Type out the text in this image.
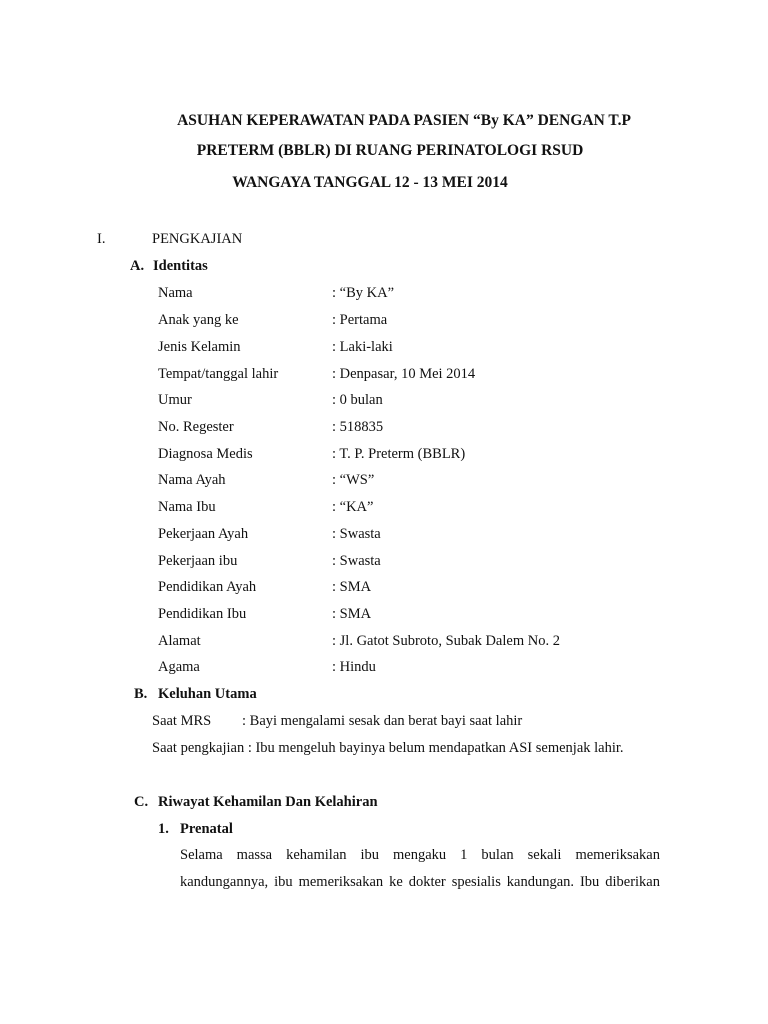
ASUHAN KEPERAWATAN PADA PASIEN “By KA” DENGAN T.P
PRETERM (BBLR) DI RUANG PERINATOLOGI RSUD
WANGAYA TANGGAL 12 - 13 MEI 2014
I.	PENGKAJIAN
A. Identitas
Nama	: “By KA”
Anak yang ke	: Pertama
Jenis Kelamin	: Laki-laki
Tempat/tanggal lahir	: Denpasar, 10 Mei 2014
Umur	: 0 bulan
No. Regester	: 518835
Diagnosa Medis	: T. P. Preterm (BBLR)
Nama Ayah	: “WS”
Nama Ibu	: “KA”
Pekerjaan Ayah	: Swasta
Pekerjaan ibu	: Swasta
Pendidikan Ayah	: SMA
Pendidikan Ibu	: SMA
Alamat	: Jl. Gatot Subroto, Subak Dalem No. 2
Agama	: Hindu
B. Keluhan Utama
Saat MRS : Bayi mengalami sesak dan berat bayi saat lahir
Saat pengkajian : Ibu mengeluh bayinya belum mendapatkan ASI semenjak lahir.
C. Riwayat Kehamilan Dan Kelahiran
1. Prenatal
Selama massa kehamilan ibu mengaku 1 bulan sekali memeriksakan
kandungannya, ibu memeriksakan ke dokter spesialis kandungan. Ibu diberikan
